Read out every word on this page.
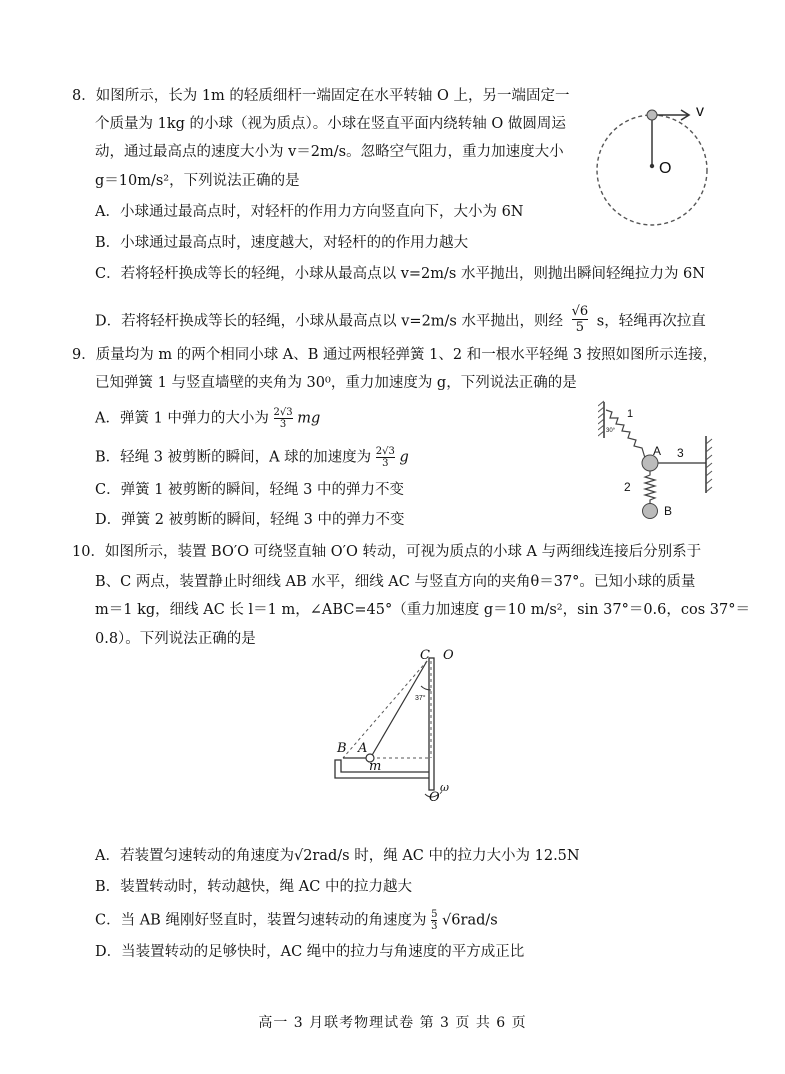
8．如图所示，长为 1m 的轻质细杆一端固定在水平转轴 O 上，另一端固定一
个质量为 1kg 的小球（视为质点）。小球在竖直平面内绕转轴 O 做圆周运
动，通过最高点的速度大小为 v＝2m/s。忽略空气阻力，重力加速度大小
g＝10m/s²，下列说法正确的是
A．小球通过最高点时，对轻杆的作用力方向竖直向下，大小为 6N
B．小球通过最高点时，速度越大，对轻杆的的作用力越大
C．若将轻杆换成等长的轻绳，小球从最高点以 v=2m/s 水平抛出，则抛出瞬间轻绳拉力为 6N
D．若将轻杆换成等长的轻绳，小球从最高点以 v=2m/s 水平抛出，则经 $\frac{√6}{5}$ s，轻绳再次拉直
v
O
9．质量均为 m 的两个相同小球 A、B 通过两根轻弹簧 1、2 和一根水平轻绳 3 按照如图所示连接，
已知弹簧 1 与竖直墙壁的夹角为 30⁰，重力加速度为 g，下列说法正确的是
A．弹簧 1 中弹力的大小为 $\frac{2√3}{3}$ mg
B．轻绳 3 被剪断的瞬间，A 球的加速度为 $\frac{2√3}{3}$ g
C．弹簧 1 被剪断的瞬间，轻绳 3 中的弹力不变
D．弹簧 2 被剪断的瞬间，轻绳 3 中的弹力不变
1
30°
A 3
2
B
10．如图所示，装置 BO′O 可绕竖直轴 O′O 转动，可视为质点的小球 A 与两细线连接后分别系于
B、C 两点，装置静止时细线 AB 水平，细线 AC 与竖直方向的夹角θ＝37°。已知小球的质量
m＝1 kg，细线 AC 长 l＝1 m，∠ABC=45°（重力加速度 g＝10 m/s²，sin 37°＝0.6，cos 37°＝
0.8）。下列说法正确的是
C O
37°
B A
m
ω
O′
A．若装置匀速转动的角速度为√2rad/s 时，绳 AC 中的拉力大小为 12.5N
B．装置转动时，转动越快，绳 AC 中的拉力越大
C．当 AB 绳刚好竖直时，装置匀速转动的角速度为 $\frac{5}{3} √6rad/s$
D．当装置转动的足够快时，AC 绳中的拉力与角速度的平方成正比
高一 3 月联考物理试卷 第 3 页 共 6 页
